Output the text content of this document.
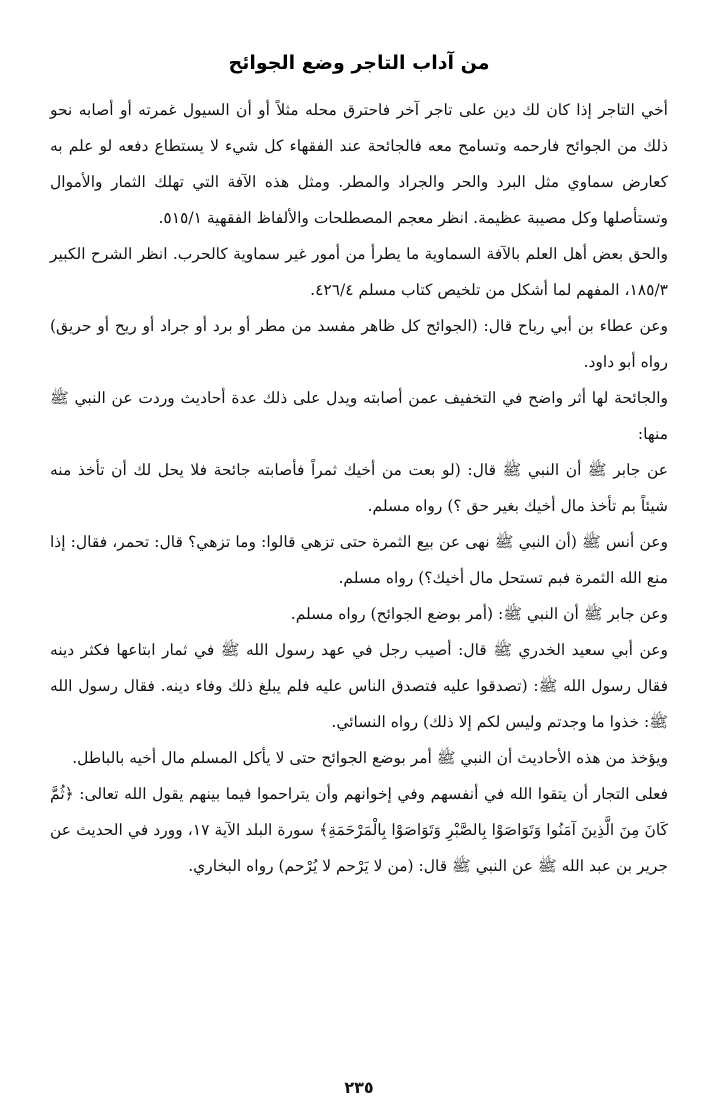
من آداب التاجر وضع الجوائح

أخي التاجر إذا كان لك دين على تاجر آخر فاحترق محله مثلاً أو أن السيول غمرته أو أصابه نحو ذلك من الجوائح فارحمه وتسامح معه فالجائحة عند الفقهاء كل شيء لا يستطاع دفعه لو علم به كعارض سماوي مثل البرد والحر والجراد والمطر. ومثل هذه الآفة التي تهلك الثمار والأموال وتستأصلها وكل مصيبة عظيمة. انظر معجم المصطلحات والألفاظ الفقهية ٥١٥/١.

والحق بعض أهل العلم بالآفة السماوية ما يطرأ من أمور غير سماوية كالحرب. انظر الشرح الكبير ١٨٥/٣، المفهم لما أشكل من تلخيص كتاب مسلم ٤٢٦/٤.

وعن عطاء بن أبي رباح قال: (الجوائح كل ظاهر مفسد من مطر أو برد أو جراد أو ريح أو حريق) رواه أبو داود.

والجائحة لها أثر واضح في التخفيف عمن أصابته ويدل على ذلك عدة أحاديث وردت عن النبي ﷺ منها:

عن جابر ﷺ أن النبي ﷺ قال: (لو بعت من أخيك ثمراً فأصابته جائحة فلا يحل لك أن تأخذ منه شيئاً بم تأخذ مال أخيك بغير حق ؟) رواه مسلم.

وعن أنس ﷺ (أن النبي ﷺ نهى عن بيع الثمرة حتى تزهي قالوا: وما تزهي؟ قال: تحمر، فقال: إذا منع الله الثمرة فبم تستحل مال أخيك؟) رواه مسلم.

وعن جابر ﷺ أن النبي ﷺ: (أمر بوضع الجوائح) رواه مسلم.

وعن أبي سعيد الخدري ﷺ قال: أصيب رجل في عهد رسول الله ﷺ في ثمار ابتاعها فكثر دينه فقال رسول الله ﷺ: (تصدقوا عليه فتصدق الناس عليه فلم يبلغ ذلك وفاء دينه. فقال رسول الله ﷺ: خذوا ما وجدتم وليس لكم إلا ذلك) رواه النسائي.

ويؤخذ من هذه الأحاديث أن النبي ﷺ أمر بوضع الجوائح حتى لا يأكل المسلم مال أخيه بالباطل.

فعلى التجار أن يتقوا الله في أنفسهم وفي إخوانهم وأن يتراحموا فيما بينهم يقول الله تعالى: ﴿ثُمَّ كَانَ مِنَ الَّذِينَ آمَنُوا وَتَوَاصَوْا بِالصَّبْرِ وَتَوَاصَوْا بِالْمَرْحَمَةِ﴾ سورة البلد الآية ١٧، وورد في الحديث عن جرير بن عبد الله ﷺ عن النبي ﷺ قال: (من لا يَرْحم لا يُرْحم) رواه البخاري.

٢٣٥
